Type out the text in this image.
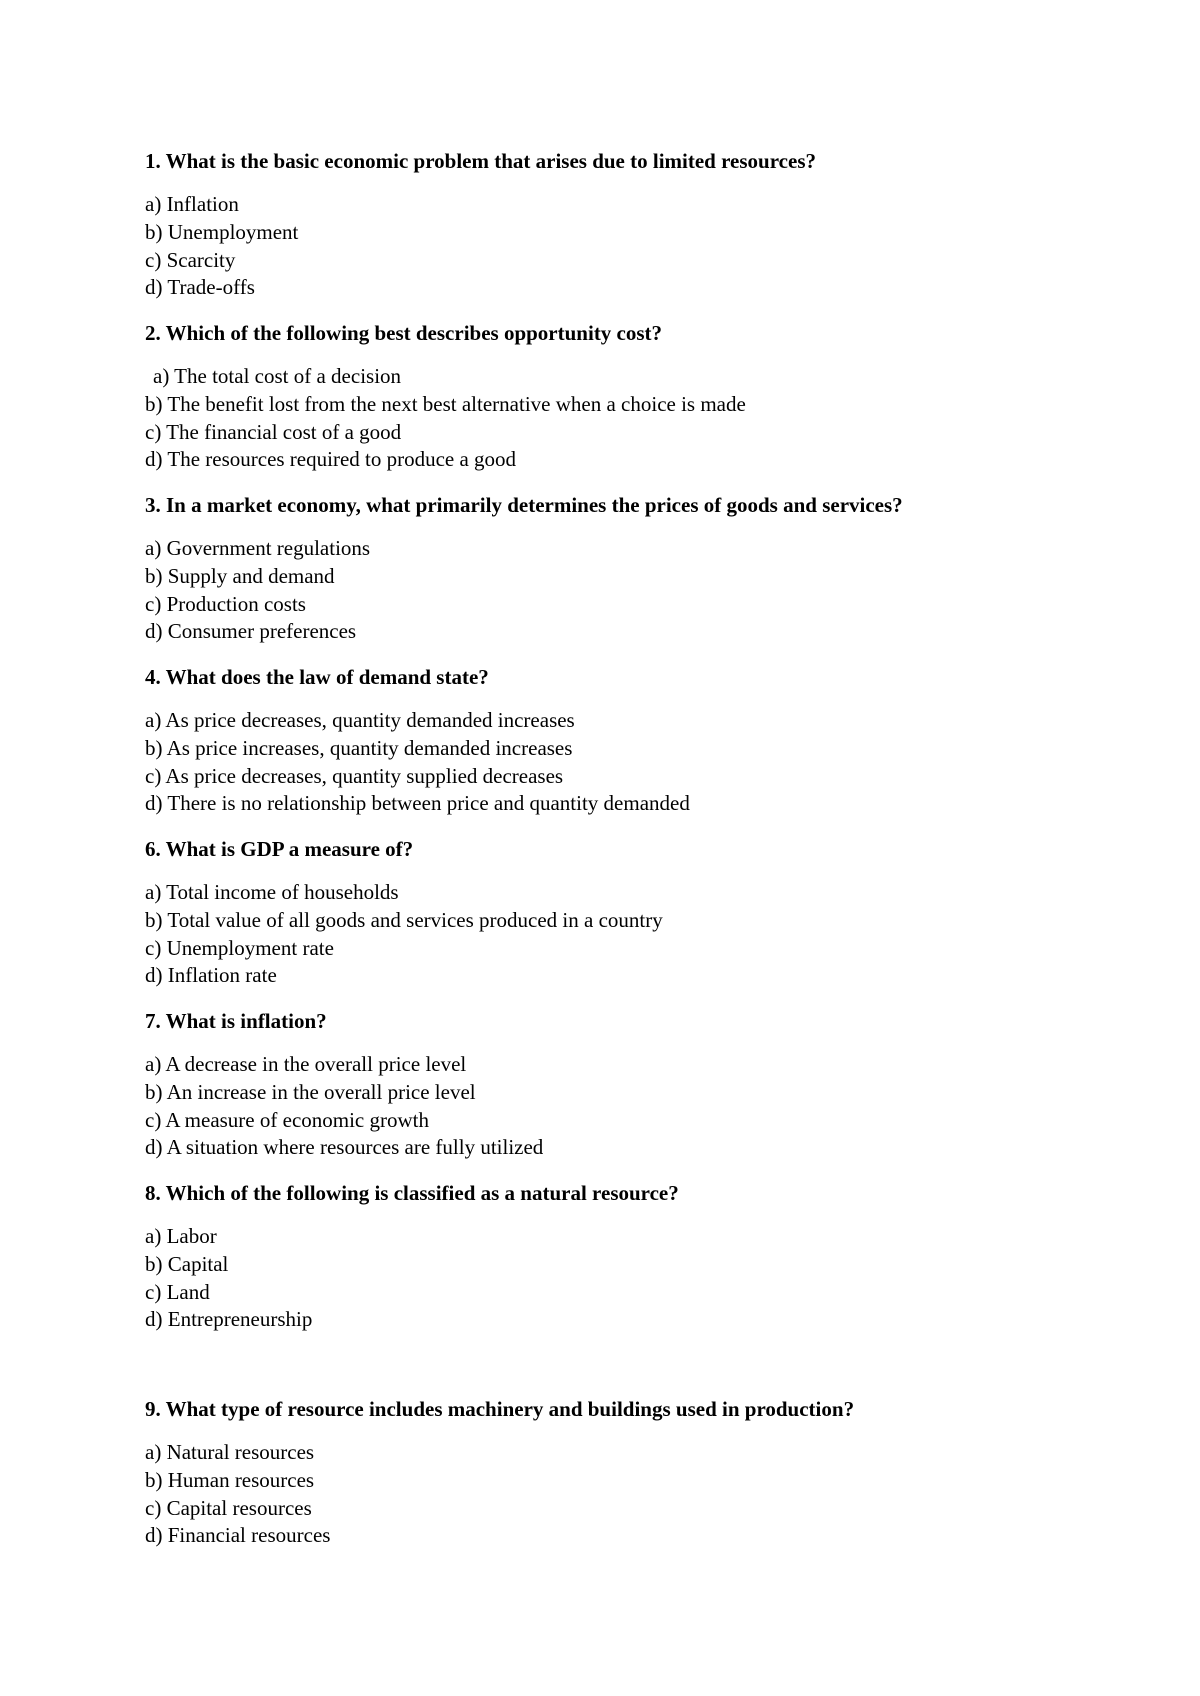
1. What is the basic economic problem that arises due to limited resources?

a) Inflation
b) Unemployment
c) Scarcity
d) Trade-offs

2. Which of the following best describes opportunity cost?

a) The total cost of a decision
b) The benefit lost from the next best alternative when a choice is made
c) The financial cost of a good
d) The resources required to produce a good

3. In a market economy, what primarily determines the prices of goods and services?

a) Government regulations
b) Supply and demand
c) Production costs
d) Consumer preferences

4. What does the law of demand state?

a) As price decreases, quantity demanded increases
b) As price increases, quantity demanded increases
c) As price decreases, quantity supplied decreases
d) There is no relationship between price and quantity demanded

6. What is GDP a measure of?

a) Total income of households
b) Total value of all goods and services produced in a country
c) Unemployment rate
d) Inflation rate

7. What is inflation?

a) A decrease in the overall price level
b) An increase in the overall price level
c) A measure of economic growth
d) A situation where resources are fully utilized

8. Which of the following is classified as a natural resource?

a) Labor
b) Capital
c) Land
d) Entrepreneurship

9. What type of resource includes machinery and buildings used in production?

a) Natural resources
b) Human resources
c) Capital resources
d) Financial resources
